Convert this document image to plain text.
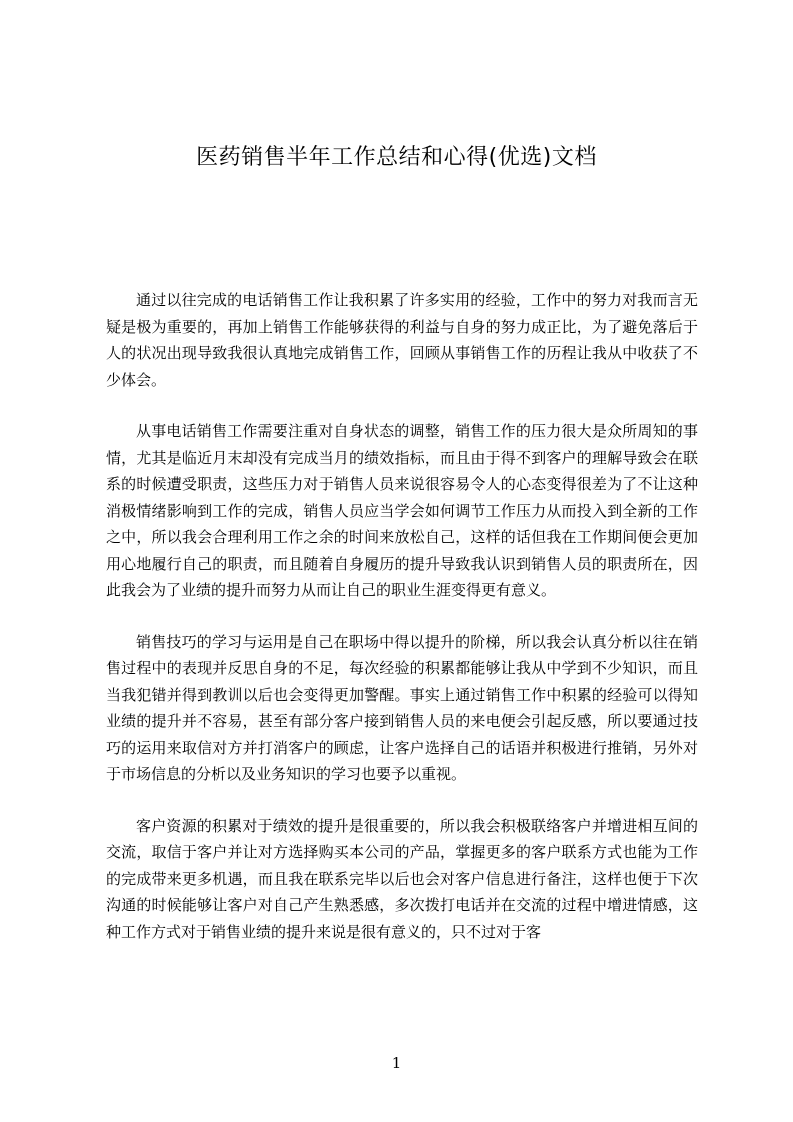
医药销售半年工作总结和心得(优选)文档

通过以往完成的电话销售工作让我积累了许多实用的经验，工作中的努力对我而言无疑是极为重要的，再加上销售工作能够获得的利益与自身的努力成正比，为了避免落后于人的状况出现导致我很认真地完成销售工作，回顾从事销售工作的历程让我从中收获了不少体会。

从事电话销售工作需要注重对自身状态的调整，销售工作的压力很大是众所周知的事情，尤其是临近月末却没有完成当月的绩效指标，而且由于得不到客户的理解导致会在联系的时候遭受职责，这些压力对于销售人员来说很容易令人的心态变得很差为了不让这种消极情绪影响到工作的完成，销售人员应当学会如何调节工作压力从而投入到全新的工作之中，所以我会合理利用工作之余的时间来放松自己，这样的话但我在工作期间便会更加用心地履行自己的职责，而且随着自身履历的提升导致我认识到销售人员的职责所在，因此我会为了业绩的提升而努力从而让自己的职业生涯变得更有意义。

销售技巧的学习与运用是自己在职场中得以提升的阶梯，所以我会认真分析以往在销售过程中的表现并反思自身的不足，每次经验的积累都能够让我从中学到不少知识，而且当我犯错并得到教训以后也会变得更加警醒。事实上通过销售工作中积累的经验可以得知业绩的提升并不容易，甚至有部分客户接到销售人员的来电便会引起反感，所以要通过技巧的运用来取信对方并打消客户的顾虑，让客户选择自己的话语并积极进行推销，另外对于市场信息的分析以及业务知识的学习也要予以重视。

客户资源的积累对于绩效的提升是很重要的，所以我会积极联络客户并增进相互间的交流，取信于客户并让对方选择购买本公司的产品，掌握更多的客户联系方式也能为工作的完成带来更多机遇，而且我在联系完毕以后也会对客户信息进行备注，这样也便于下次沟通的时候能够让客户对自己产生熟悉感，多次拨打电话并在交流的过程中增进情感，这种工作方式对于销售业绩的提升来说是很有意义的，只不过对于客

1
